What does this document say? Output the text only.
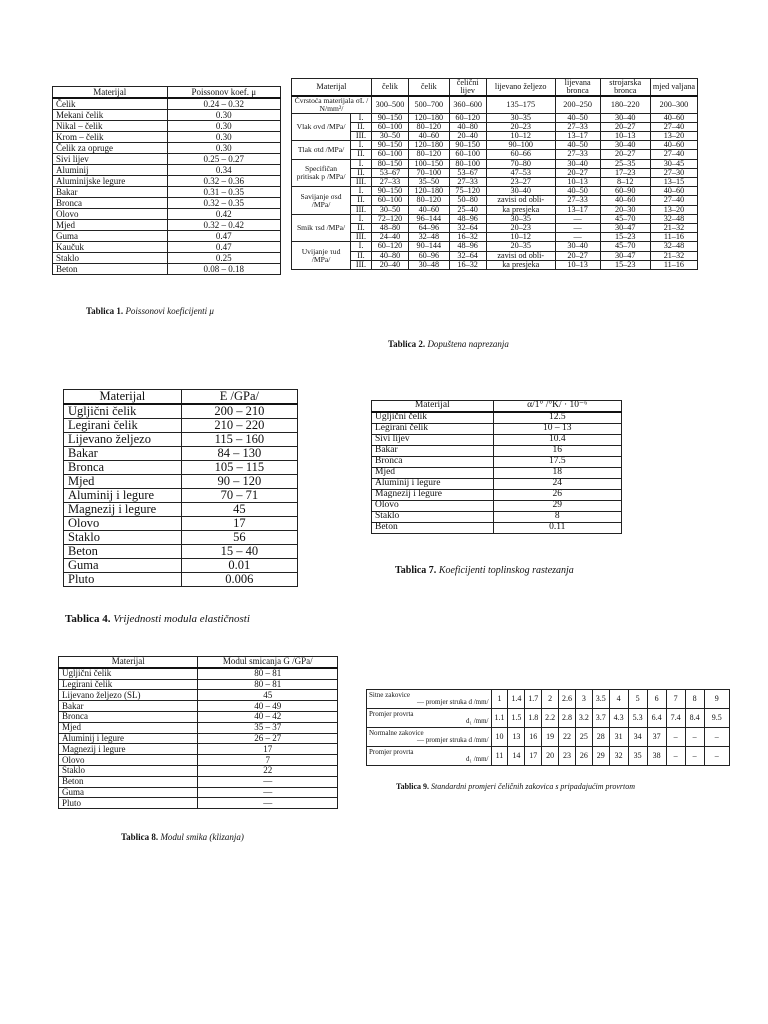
Materijal	Poissonov koef. μ
Čelik	0.24 – 0.32
Mekani čelik	0.30
Nikal – čelik	0.30
Krom – čelik	0.30
Čelik za opruge	0.30
Sivi lijev	0.25 – 0.27
Aluminij	0.34
Aluminijske legure	0.32 – 0.36
Bakar	0.31 – 0.35
Bronca	0.32 – 0.35
Olovo	0.42
Mjed	0.32 – 0.42
Guma	0.47
Kaučuk	0.47
Staklo	0.25
Beton	0.08 – 0.18
Tablica 1. Poissonovi koeficijenti μ
Materijal		čelik	čelik	čelični lijev	lijevano željezo	lijevana bronca	strojarska bronca	mjed valjana
Čvrstoća materijala σL / N/mm²/		300–500	500–700	360–600	135–175	200–250	180–220	200–300
Vlak σvd /MPa/	I.	90–150	120–180	60–120	30–35	40–50	30–40	40–60
	II.	60–100	80–120	40–80	20–23	27–33	20–27	27–40
	III.	30–50	40–60	20–40	10–12	13–17	10–13	13–20
Tlak σtd /MPa/	I.	90–150	120–180	90–150	90–100	40–50	30–40	40–60
	II.	60–100	80–120	60–100	60–66	27–33	20–27	27–40
Specifičan pritisak p /MPa/	I.	80–150	100–150	80–100	70–80	30–40	25–35	30–45
	II.	53–67	70–100	53–67	47–53	20–27	17–23	27–30
	III.	27–33	35–50	27–33	23–27	10–13	8–12	13–15
Savijanje σsd /MPa/	I.	90–150	120–180	75–120	30–40	40–50	60–90	40–60
	II.	60–100	80–120	50–80	zavisi od obli-	27–33	40–60	27–40
	III.	30–50	40–60	25–40	ka presjeka	13–17	20–30	13–20
Smik τsd /MPa/	I.	72–120	96–144	48–96	30–35	—	45–70	32–48
	II.	48–80	64–96	32–64	20–23	—	30–47	21–32
	III.	24–40	32–48	16–32	10–12	—	15–23	11–16
Uvijanje τud /MPa/	I.	60–120	90–144	48–96	20–35	30–40	45–70	32–48
	II.	40–80	60–96	32–64	zavisi od obli-	20–27	30–47	21–32
	III.	20–40	30–48	16–32	ka presjeka	10–13	15–23	11–16
Tablica 2. Dopuštena naprezanja
Materijal	E /GPa/
Ugljični čelik	200 – 210
Legirani čelik	210 – 220
Lijevano željezo	115 – 160
Bakar	84 – 130
Bronca	105 – 115
Mjed	90 – 120
Aluminij i legure	70 – 71
Magnezij i legure	45
Olovo	17
Staklo	56
Beton	15 – 40
Guma	0.01
Pluto	0.006
Tablica 4. Vrijednosti modula elastičnosti
Materijal	α/1° /°K/ · 10⁻⁶
Ugljični čelik	12.5
Legirani čelik	10 – 13
Sivi lijev	10.4
Bakar	16
Bronca	17.5
Mjed	18
Aluminij i legure	24
Magnezij i legure	26
Olovo	29
Staklo	8
Beton	0.11
Tablica 7. Koeficijenti toplinskog rastezanja
Materijal	Modul smicanja G /GPa/
Ugljični čelik	80 – 81
Legirani čelik	80 – 81
Lijevano željezo (SL)	45
Bakar	40 – 49
Bronca	40 – 42
Mjed	35 – 37
Aluminij i legure	26 – 27
Magnezij i legure	17
Olovo	7
Staklo	22
Beton	—
Guma	—
Pluto	—
Tablica 8. Modul smika (klizanja)
Sitne zakovice
— promjer struka d /mm/	1	1.4	1.7	2	2.6	3	3.5	4	5	6	7	8	9

Promjer provrta
d₁ /mm/	1.1	1.5	1.8	2.2	2.8	3.2	3.7	4.3	5.3	6.4	7.4	8.4	9.5

Normalne zakovice
— promjer struka d /mm/	10	13	16	19	22	25	28	31	34	37	–	–	–

Promjer provrta
d₁ /mm/	11	14	17	20	23	26	29	32	35	38	–	–	–
Tablica 9. Standardni promjeri čeličnih zakovica s pripadajućim provrtom
